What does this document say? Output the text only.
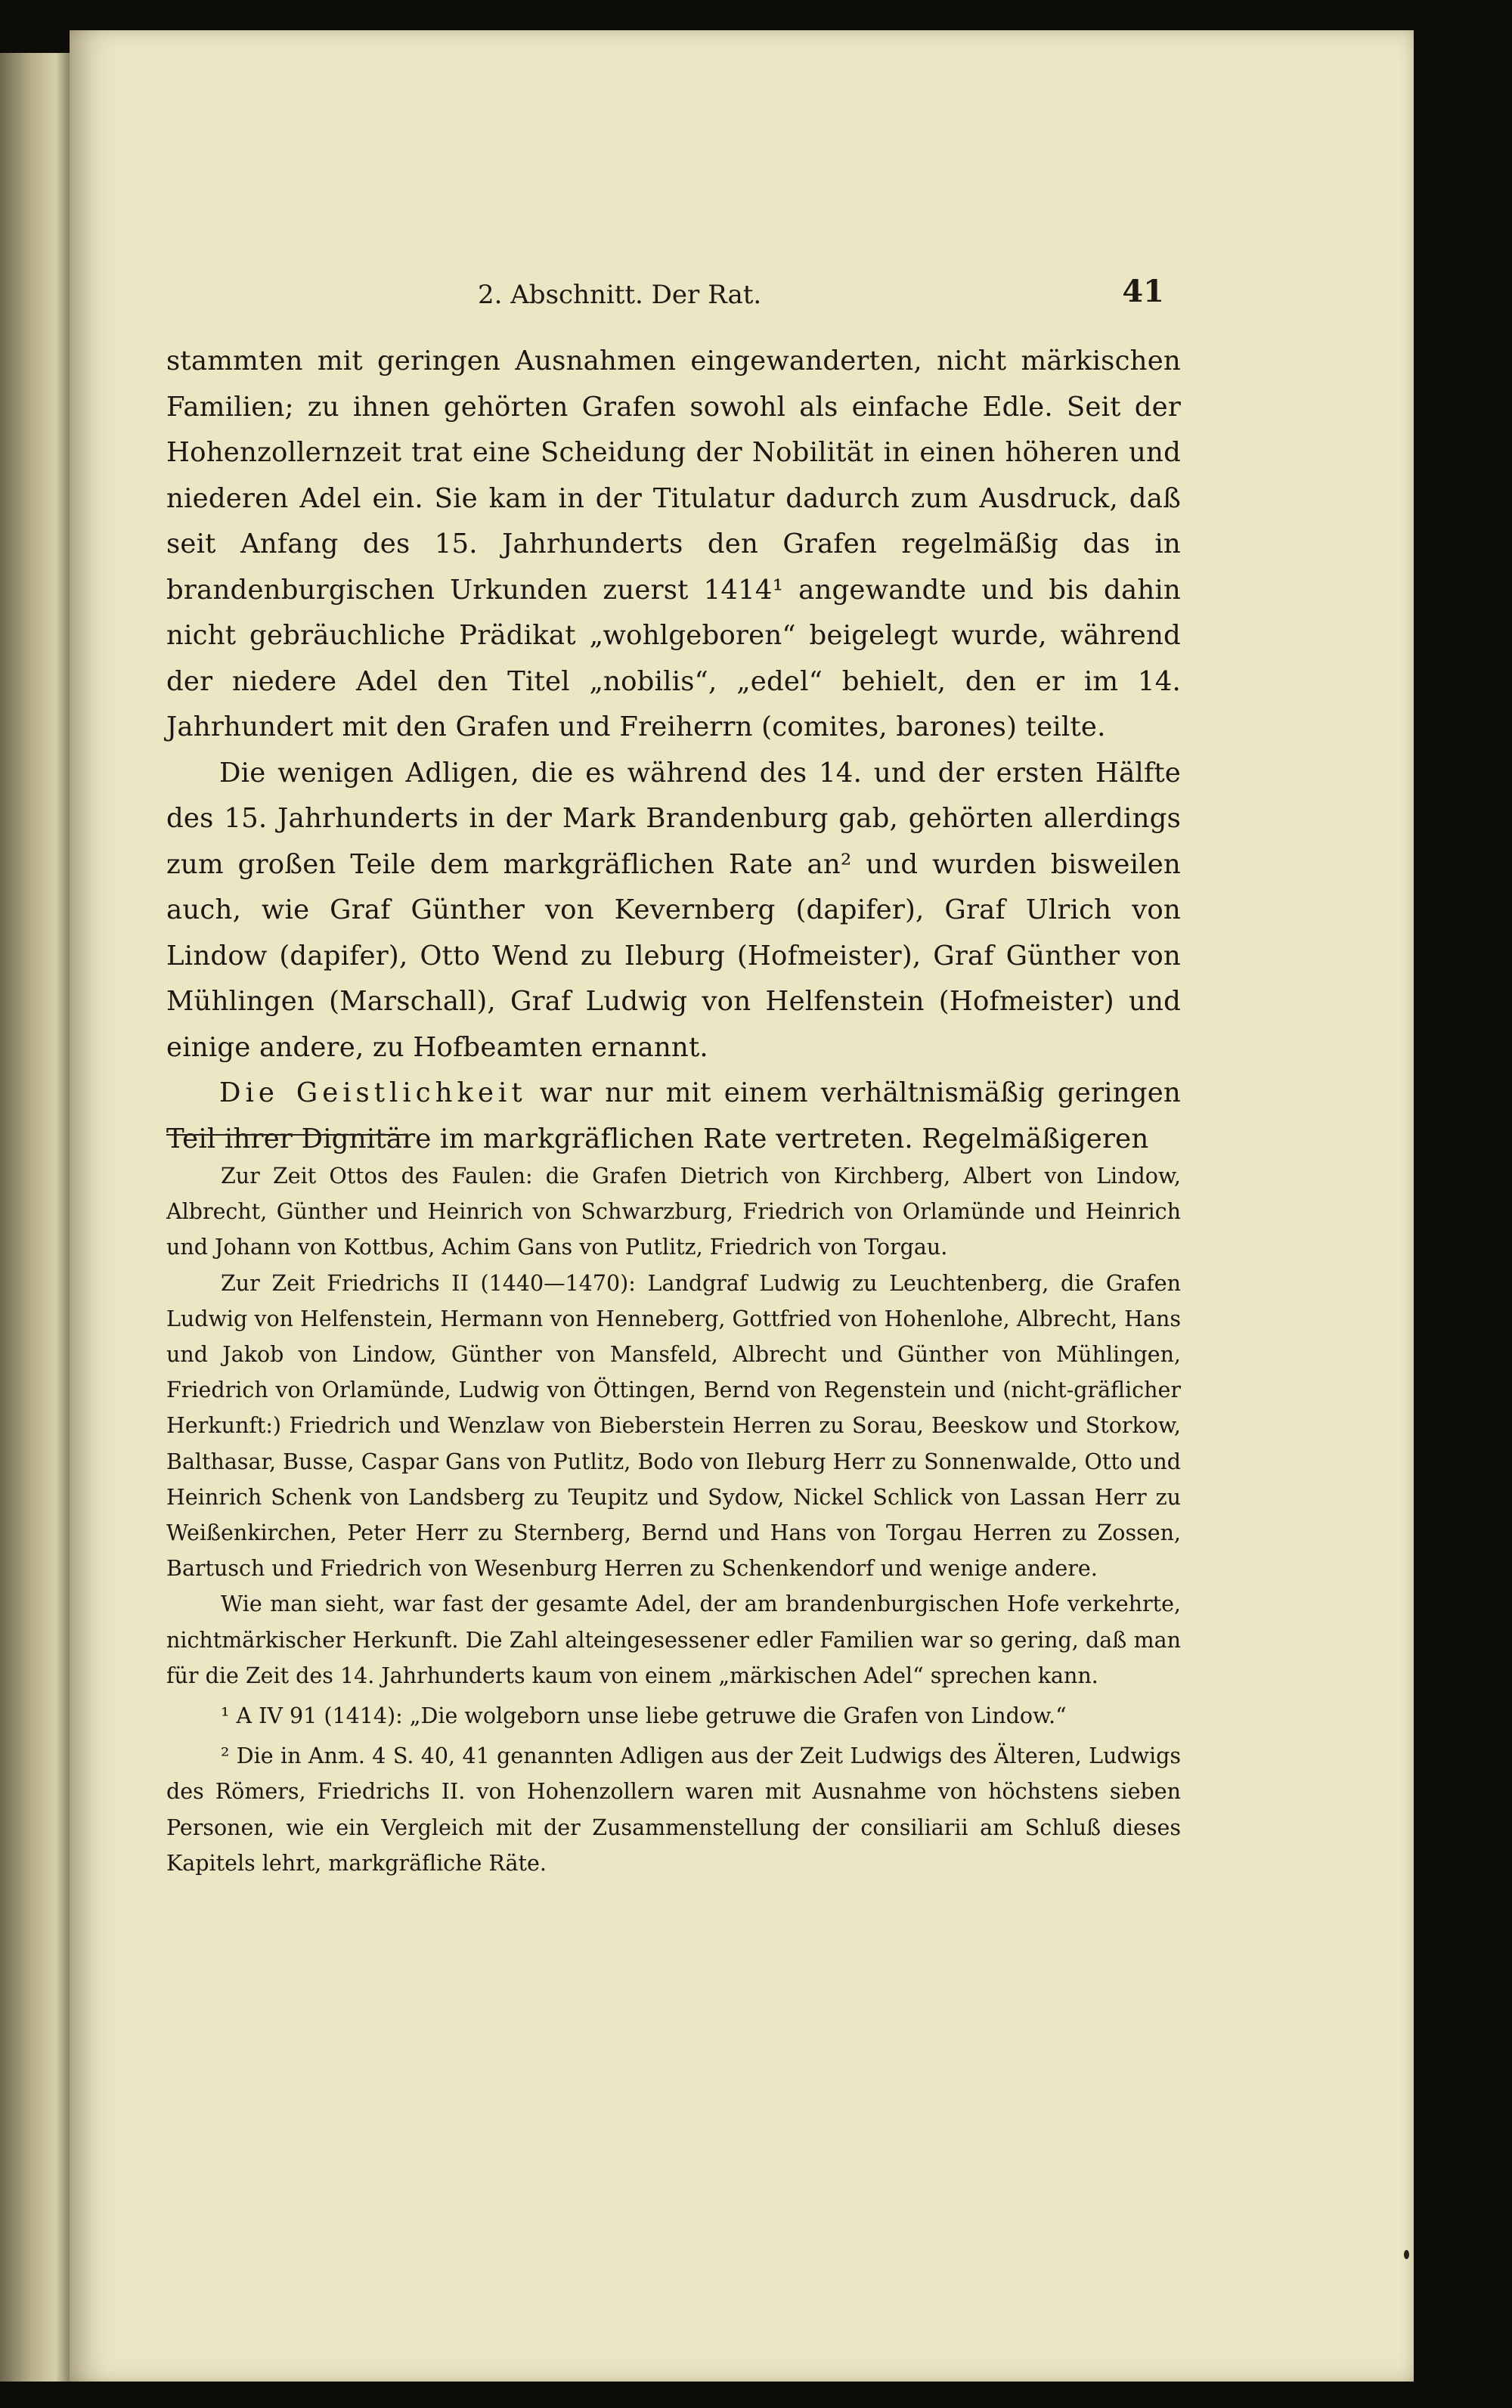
2. Abschnitt. Der Rat.	41

stammten mit geringen Ausnahmen eingewanderten, nicht märkischen Familien; zu ihnen gehörten Grafen sowohl als einfache Edle. Seit der Hohenzollernzeit trat eine Scheidung der Nobilität in einen höheren und niederen Adel ein. Sie kam in der Titulatur dadurch zum Ausdruck, daß seit Anfang des 15. Jahrhunderts den Grafen regelmäßig das in brandenburgischen Urkunden zuerst 1414¹ angewandte und bis dahin nicht gebräuchliche Prädikat „wohlgeboren“ beigelegt wurde, während der niedere Adel den Titel „nobilis“, „edel“ behielt, den er im 14. Jahrhundert mit den Grafen und Freiherrn (comites, barones) teilte.

Die wenigen Adligen, die es während des 14. und der ersten Hälfte des 15. Jahrhunderts in der Mark Brandenburg gab, gehörten allerdings zum großen Teile dem markgräflichen Rate an² und wurden bisweilen auch, wie Graf Günther von Kevernberg (dapifer), Graf Ulrich von Lindow (dapifer), Otto Wend zu Ileburg (Hofmeister), Graf Günther von Mühlingen (Marschall), Graf Ludwig von Helfenstein (Hofmeister) und einige andere, zu Hofbeamten ernannt.

Die Geistlichkeit war nur mit einem verhältnismäßig geringen Teil ihrer Dignitäre im markgräflichen Rate vertreten. Regelmäßigeren

Zur Zeit Ottos des Faulen: die Grafen Dietrich von Kirchberg, Albert von Lindow, Albrecht, Günther und Heinrich von Schwarzburg, Friedrich von Orlamünde und Heinrich und Johann von Kottbus, Achim Gans von Putlitz, Friedrich von Torgau.

Zur Zeit Friedrichs II (1440—1470): Landgraf Ludwig zu Leuchtenberg, die Grafen Ludwig von Helfenstein, Hermann von Henneberg, Gottfried von Hohenlohe, Albrecht, Hans und Jakob von Lindow, Günther von Mansfeld, Albrecht und Günther von Mühlingen, Friedrich von Orlamünde, Ludwig von Öttingen, Bernd von Regenstein und (nicht-gräflicher Herkunft:) Friedrich und Wenzlaw von Bieberstein Herren zu Sorau, Beeskow und Storkow, Balthasar, Busse, Caspar Gans von Putlitz, Bodo von Ileburg Herr zu Sonnenwalde, Otto und Heinrich Schenk von Landsberg zu Teupitz und Sydow, Nickel Schlick von Lassan Herr zu Weißenkirchen, Peter Herr zu Sternberg, Bernd und Hans von Torgau Herren zu Zossen, Bartusch und Friedrich von Wesenburg Herren zu Schenkendorf und wenige andere.

Wie man sieht, war fast der gesamte Adel, der am brandenburgischen Hofe verkehrte, nichtmärkischer Herkunft. Die Zahl alteingesessener edler Familien war so gering, daß man für die Zeit des 14. Jahrhunderts kaum von einem „märkischen Adel“ sprechen kann.

¹ A IV 91 (1414): „Die wolgeborn unse liebe getruwe die Grafen von Lindow.“

² Die in Anm. 4 S. 40, 41 genannten Adligen aus der Zeit Ludwigs des Älteren, Ludwigs des Römers, Friedrichs II. von Hohenzollern waren mit Ausnahme von höchstens sieben Personen, wie ein Vergleich mit der Zusammenstellung der consiliarii am Schluß dieses Kapitels lehrt, markgräfliche Räte.
